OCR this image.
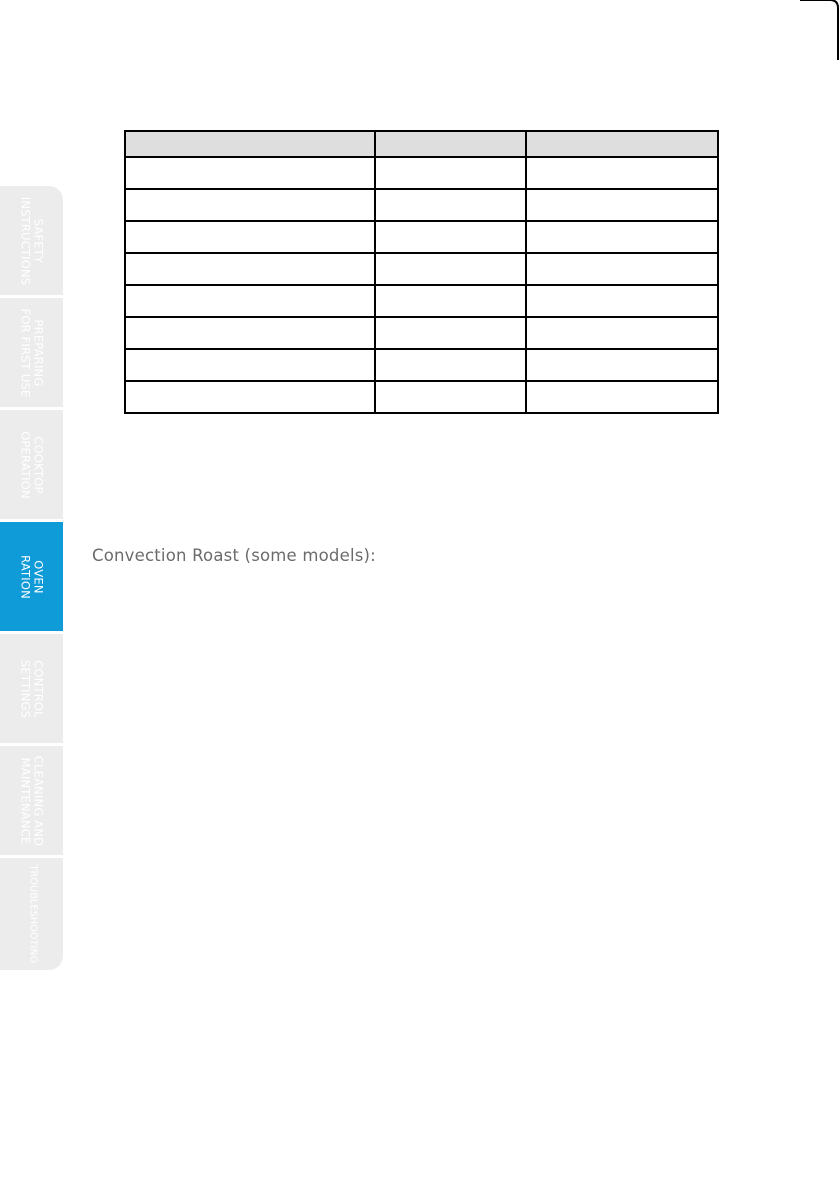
Convection Roast (some models):
SAFETY
INSTRUCTIONS
PREPARING
FOR FIRST USE
COOKTOP
OPERATION
OVEN
RATION
CONTROL
SETTINGS
CLEANING AND
MAINTENANCE
TROUBLESHOOTING
